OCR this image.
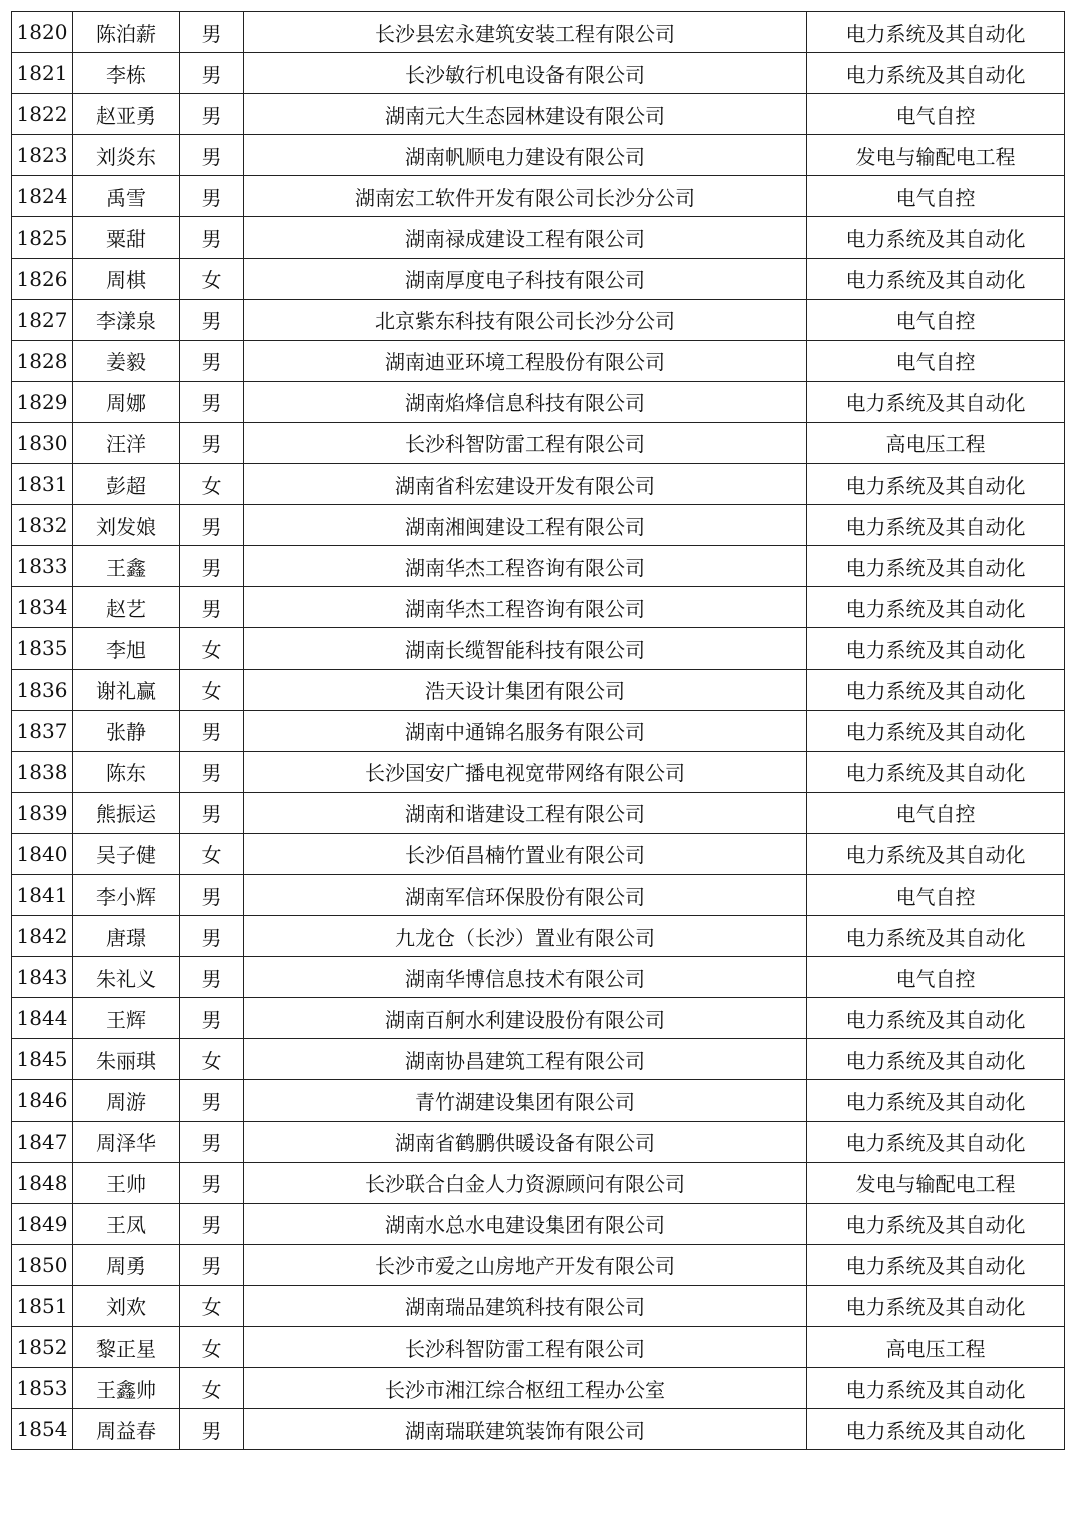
1820	陈泊薪	男	长沙县宏永建筑安装工程有限公司	电力系统及其自动化
1821	李栋	男	长沙敏行机电设备有限公司	电力系统及其自动化
1822	赵亚勇	男	湖南元大生态园林建设有限公司	电气自控
1823	刘炎东	男	湖南帆顺电力建设有限公司	发电与输配电工程
1824	禹雪	男	湖南宏工软件开发有限公司长沙分公司	电气自控
1825	粟甜	男	湖南禄成建设工程有限公司	电力系统及其自动化
1826	周棋	女	湖南厚度电子科技有限公司	电力系统及其自动化
1827	李漾泉	男	北京紫东科技有限公司长沙分公司	电气自控
1828	姜毅	男	湖南迪亚环境工程股份有限公司	电气自控
1829	周娜	男	湖南焰烽信息科技有限公司	电力系统及其自动化
1830	汪洋	男	长沙科智防雷工程有限公司	高电压工程
1831	彭超	女	湖南省科宏建设开发有限公司	电力系统及其自动化
1832	刘发娘	男	湖南湘闽建设工程有限公司	电力系统及其自动化
1833	王鑫	男	湖南华杰工程咨询有限公司	电力系统及其自动化
1834	赵艺	男	湖南华杰工程咨询有限公司	电力系统及其自动化
1835	李旭	女	湖南长缆智能科技有限公司	电力系统及其自动化
1836	谢礼赢	女	浩天设计集团有限公司	电力系统及其自动化
1837	张静	男	湖南中通锦名服务有限公司	电力系统及其自动化
1838	陈东	男	长沙国安广播电视宽带网络有限公司	电力系统及其自动化
1839	熊振运	男	湖南和谐建设工程有限公司	电气自控
1840	吴子健	女	长沙佰昌楠竹置业有限公司	电力系统及其自动化
1841	李小辉	男	湖南军信环保股份有限公司	电气自控
1842	唐璟	男	九龙仓（长沙）置业有限公司	电力系统及其自动化
1843	朱礼义	男	湖南华博信息技术有限公司	电气自控
1844	王辉	男	湖南百舸水利建设股份有限公司	电力系统及其自动化
1845	朱丽琪	女	湖南协昌建筑工程有限公司	电力系统及其自动化
1846	周游	男	青竹湖建设集团有限公司	电力系统及其自动化
1847	周泽华	男	湖南省鹤鹏供暖设备有限公司	电力系统及其自动化
1848	王帅	男	长沙联合白金人力资源顾问有限公司	发电与输配电工程
1849	王凤	男	湖南水总水电建设集团有限公司	电力系统及其自动化
1850	周勇	男	长沙市爱之山房地产开发有限公司	电力系统及其自动化
1851	刘欢	女	湖南瑞品建筑科技有限公司	电力系统及其自动化
1852	黎正星	女	长沙科智防雷工程有限公司	高电压工程
1853	王鑫帅	女	长沙市湘江综合枢纽工程办公室	电力系统及其自动化
1854	周益春	男	湖南瑞联建筑装饰有限公司	电力系统及其自动化
